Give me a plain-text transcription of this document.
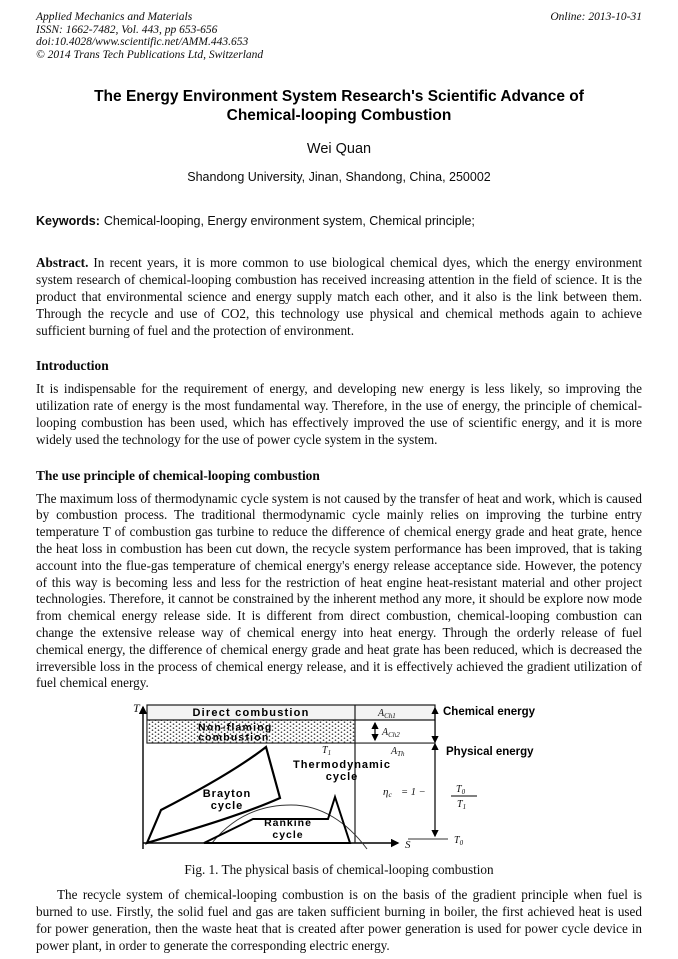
Applied Mechanics and Materials
ISSN: 1662-7482, Vol. 443, pp 653-656
doi:10.4028/www.scientific.net/AMM.443.653
© 2014 Trans Tech Publications Ltd, Switzerland
Online: 2013-10-31
The Energy Environment System Research's Scientific Advance of Chemical-looping Combustion
Wei Quan
Shandong University, Jinan, Shandong, China, 250002
Keywords: Chemical-looping, Energy environment system, Chemical principle;

Abstract. In recent years, it is more common to use biological chemical dyes, which the energy environment system research of chemical-looping combustion has received increasing attention in the field of science. It is the product that environmental science and energy supply match each other, and it also is the link between them. Through the recycle and use of CO2, this technology use physical and chemical methods again to achieve sufficient burning of fuel and the protection of environment.

Introduction

It is indispensable for the requirement of energy, and developing new energy is less likely, so improving the utilization rate of energy is the most fundamental way. Therefore, in the use of energy, the principle of chemical-looping combustion has been used, which has effectively improved the use of scientific energy, and it is more widely used the technology for the use of power cycle system in the system.

The use principle of chemical-looping combustion

The maximum loss of thermodynamic cycle system is not caused by the transfer of heat and work, which is caused by combustion process. The traditional thermodynamic cycle mainly relies on improving the turbine entry temperature T of combustion gas turbine to reduce the difference of chemical energy grade and heat grate, hence the heat loss in combustion has been cut down, the recycle system performance has been improved, that is taking account into the flue-gas temperature of chemical energy's energy release acceptance side. However, the potency of this way is becoming less and less for the restriction of heat engine heat-resistant material and other project technologies. Therefore, it cannot be constrained by the inherent method any more, it should be explore now mode from chemical energy release side. It is different from direct combustion, chemical-looping combustion can change the extensive release way of chemical energy into heat energy. Through the orderly release of fuel chemical energy, the difference of chemical energy grade and heat grate has been reduced, which is decreased the irreversible loss in the process of chemical energy release, and it is effectively achieved the gradient utilization of fuel chemical energy.

T
S
Direct combustion
Non-flaming
combustion
$A_{Ch1}$
$A_{Ch2}$
$A_{Th}$
$T_1$
Chemical energy
Physical energy
Thermodynamic
cycle
Brayton
cycle
Rankine
cycle
ηc = 1 −	$T_0$
$T_1$
$T_0$
Fig. 1. The physical basis of chemical-looping combustion

The recycle system of chemical-looping combustion is on the basis of the gradient principle when fuel is burned to use. Firstly, the solid fuel and gas are taken sufficient burning in boiler, the first achieved heat is used for power generation, then the waste heat that is created after power generation is used for power cycle device in power plant, in order to generate the corresponding electric energy.
